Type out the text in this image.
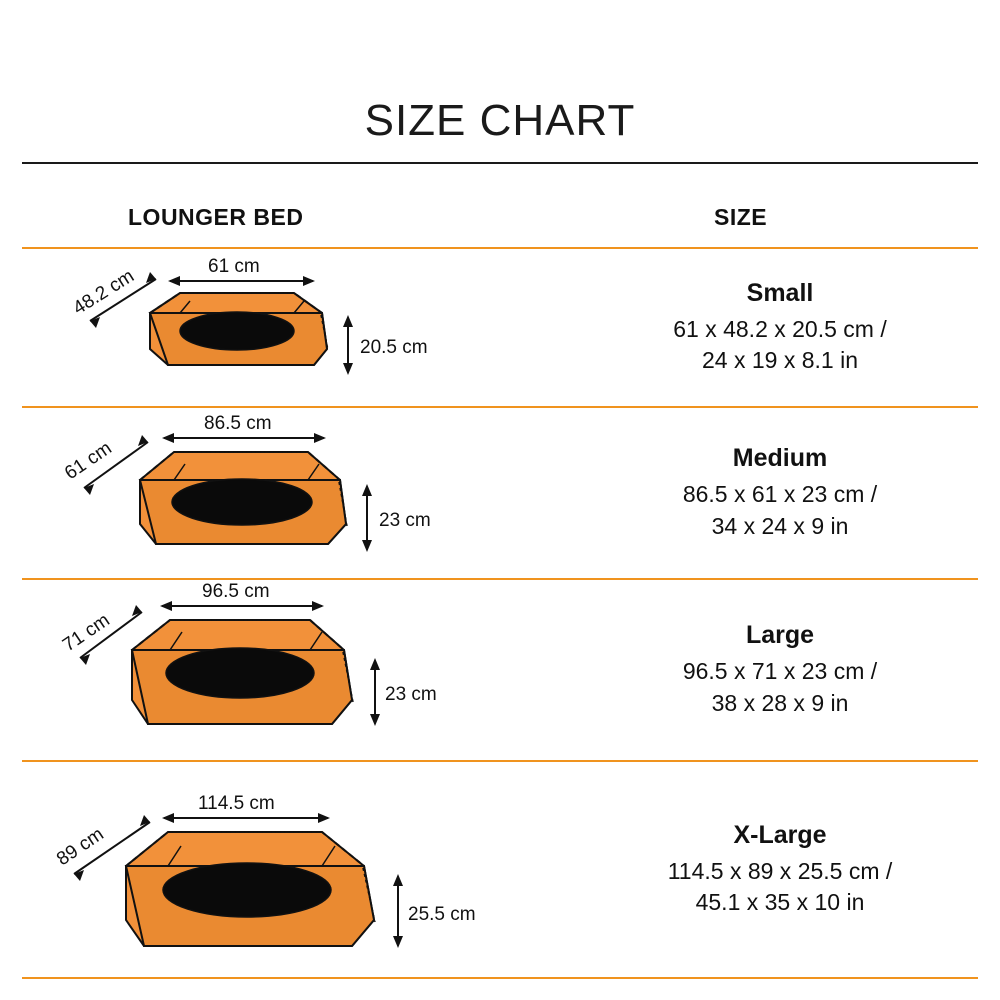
SIZE CHART
LOUNGER BED	SIZE
48.2 cm	61 cm
20.5 cm
Small
61 x 48.2 x 20.5 cm /
24 x 19 x 8.1 in
61 cm
86.5 cm
23 cm
Medium
86.5 x 61 x 23 cm /
34 x 24 x 9 in
71 cm
96.5 cm
23 cm
Large
96.5 x 71 x 23 cm /
38 x 28 x 9 in
89 cm
114.5 cm
25.5 cm
X-Large
114.5 x 89 x 25.5 cm /
45.1 x 35 x 10 in
